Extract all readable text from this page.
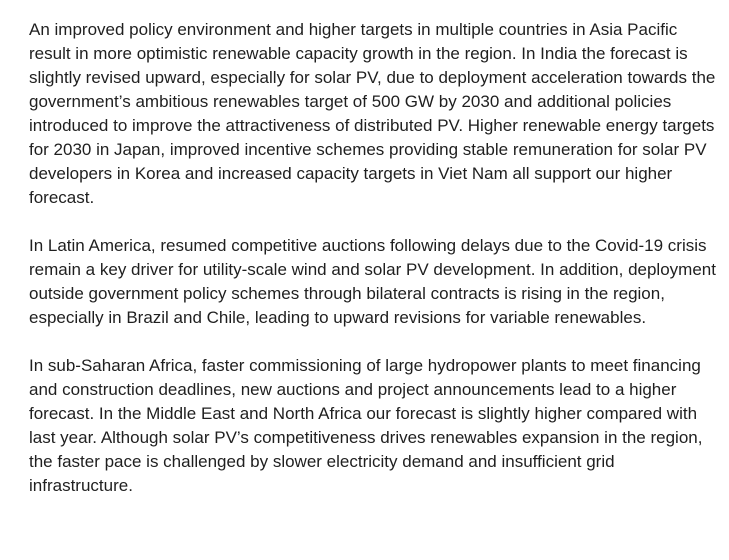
An improved policy environment and higher targets in multiple countries in Asia Pacific result in more optimistic renewable capacity growth in the region. In India the forecast is slightly revised upward, especially for solar PV, due to deployment acceleration towards the government’s ambitious renewables target of 500 GW by 2030 and additional policies introduced to improve the attractiveness of distributed PV. Higher renewable energy targets for 2030 in Japan, improved incentive schemes providing stable remuneration for solar PV developers in Korea and increased capacity targets in Viet Nam all support our higher forecast.

In Latin America, resumed competitive auctions following delays due to the Covid-19 crisis remain a key driver for utility-scale wind and solar PV development. In addition, deployment outside government policy schemes through bilateral contracts is rising in the region, especially in Brazil and Chile, leading to upward revisions for variable renewables.

In sub-Saharan Africa, faster commissioning of large hydropower plants to meet financing and construction deadlines, new auctions and project announcements lead to a higher forecast. In the Middle East and North Africa our forecast is slightly higher compared with last year. Although solar PV’s competitiveness drives renewables expansion in the region, the faster pace is challenged by slower electricity demand and insufficient grid infrastructure.
